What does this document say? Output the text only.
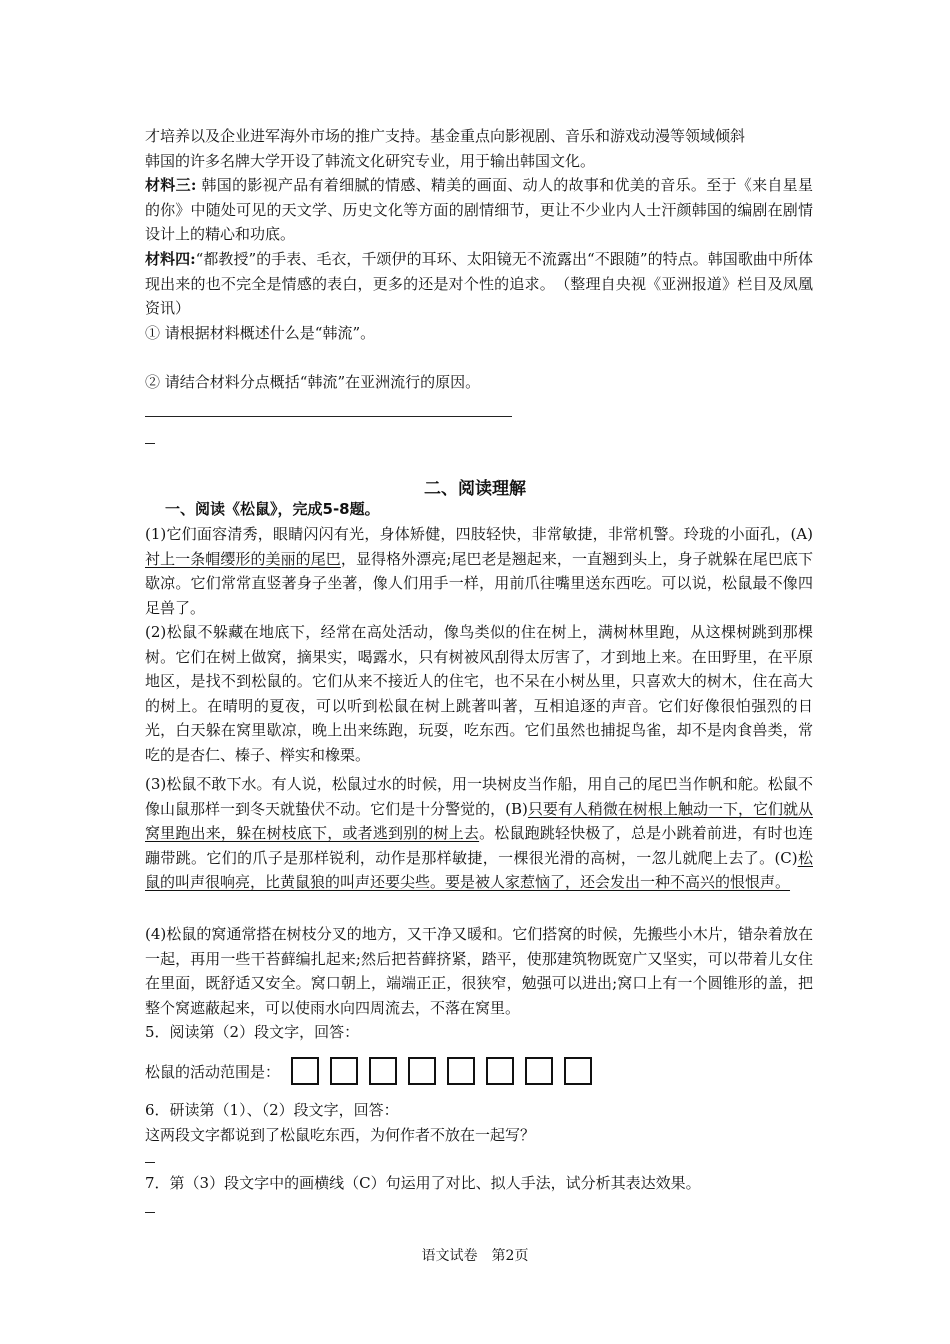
才培养以及企业进军海外市场的推广支持。基金重点向影视剧、音乐和游戏动漫等领域倾斜

韩国的许多名牌大学开设了韩流文化研究专业，用于输出韩国文化。

材料三: 韩国的影视产品有着细腻的情感、精美的画面、动人的故事和优美的音乐。至于《来自星星的你》中随处可见的天文学、历史文化等方面的剧情细节，更让不少业内人士汗颜韩国的编剧在剧情设计上的精心和功底。

材料四:“都教授”的手表、毛衣，千颂伊的耳环、太阳镜无不流露出“不跟随”的特点。韩国歌曲中所体现出来的也不完全是情感的表白，更多的还是对个性的追求。　（整理自央视《亚洲报道》栏目及凤凰资讯）

① 请根据材料概述什么是“韩流”。

② 请结合材料分点概括“韩流”在亚洲流行的原因。

二、阅读理解
一、阅读《松鼠》，完成5-8题。

(1)它们面容清秀，眼睛闪闪有光，身体矫健，四肢轻快，非常敏捷，非常机警。玲珑的小面孔，(A)衬上一条帽缨形的美丽的尾巴，显得格外漂亮;尾巴老是翘起来，一直翘到头上，身子就躲在尾巴底下歇凉。它们常常直竖著身子坐著，像人们用手一样，用前爪往嘴里送东西吃。可以说，松鼠最不像四足兽了。

(2)松鼠不躲藏在地底下，经常在高处活动，像鸟类似的住在树上，满树林里跑，从这棵树跳到那棵树。它们在树上做窝，摘果实，喝露水，只有树被风刮得太厉害了，才到地上来。在田野里，在平原地区，是找不到松鼠的。它们从来不接近人的住宅，也不呆在小树丛里，只喜欢大的树木，住在高大的树上。在晴明的夏夜，可以听到松鼠在树上跳著叫著，互相追逐的声音。它们好像很怕强烈的日光，白天躲在窝里歇凉，晚上出来练跑，玩耍，吃东西。它们虽然也捕捉鸟雀，却不是肉食兽类，常吃的是杏仁、榛子、榉实和橡栗。

(3)松鼠不敢下水。有人说，松鼠过水的时候，用一块树皮当作船，用自己的尾巴当作帆和舵。松鼠不像山鼠那样一到冬天就蛰伏不动。它们是十分警觉的，(B)只要有人稍微在树根上触动一下，它们就从窝里跑出来，躲在树枝底下，或者逃到别的树上去。松鼠跑跳轻快极了，总是小跳着前进，有时也连蹦带跳。它们的爪子是那样锐利，动作是那样敏捷，一棵很光滑的高树，一忽儿就爬上去了。(C)松鼠的叫声很响亮，比黄鼠狼的叫声还要尖些。要是被人家惹恼了，还会发出一种不高兴的恨恨声。

(4)松鼠的窝通常搭在树枝分叉的地方，又干净又暖和。它们搭窝的时候，先搬些小木片，错杂着放在一起，再用一些干苔藓编扎起来;然后把苔藓挤紧，踏平，使那建筑物既宽广又坚实，可以带着儿女住在里面，既舒适又安全。窝口朝上，端端正正，很狭窄，勉强可以进出;窝口上有一个圆锥形的盖，把整个窝遮蔽起来，可以使雨水向四周流去，不落在窝里。

5．阅读第（2）段文字，回答：

松鼠的活动范围是：

6．研读第（1）、（2）段文字，回答：

这两段文字都说到了松鼠吃东西，为何作者不放在一起写？

7．第（3）段文字中的画横线（C）句运用了对比、拟人手法，试分析其表达效果。

语文试卷　第2页
